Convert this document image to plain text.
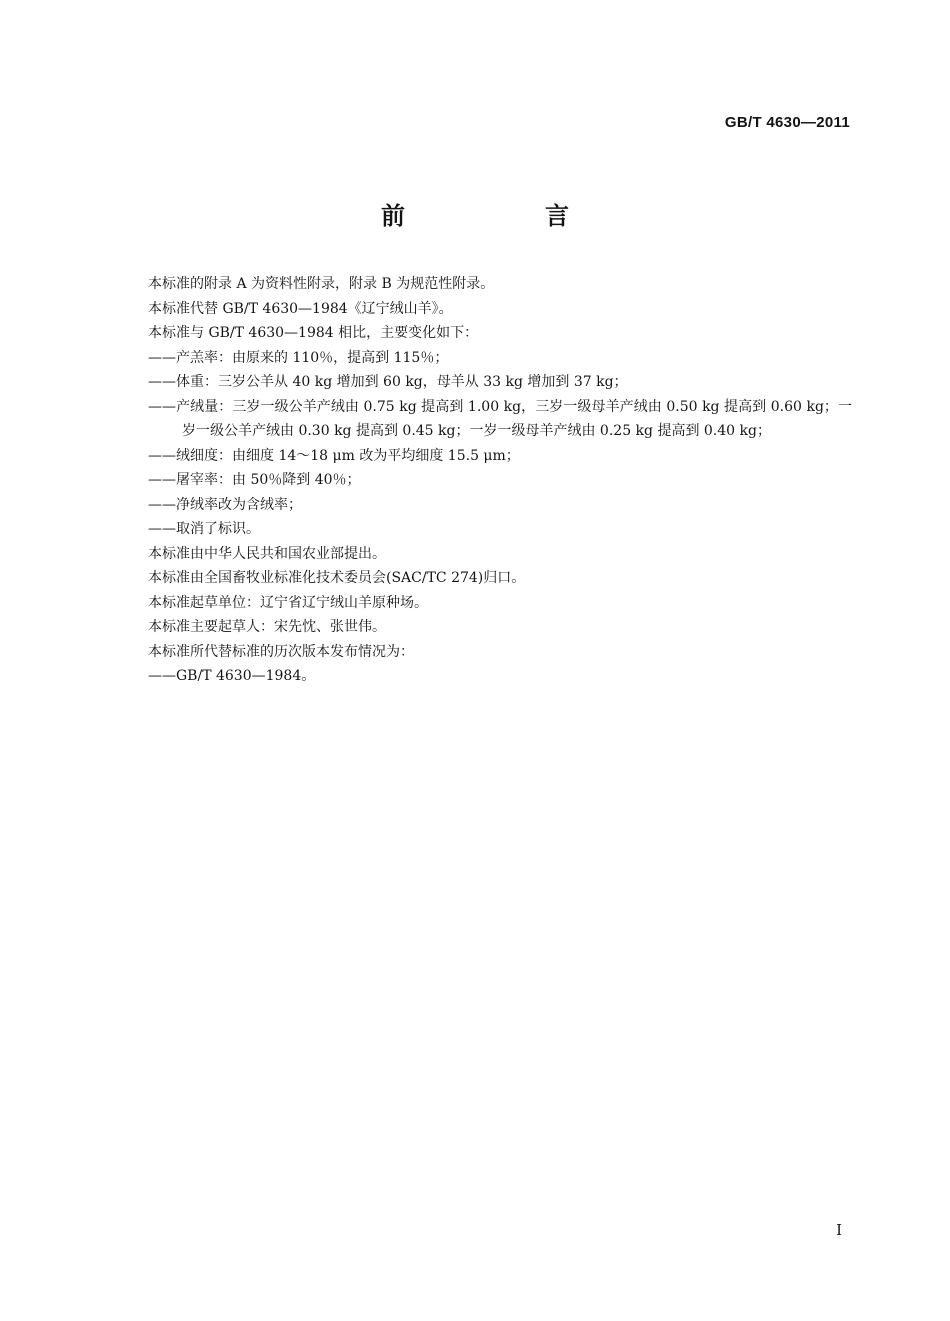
GB/T 4630—2011
前　言

本标准的附录 A 为资料性附录，附录 B 为规范性附录。

本标准代替 GB/T 4630—1984《辽宁绒山羊》。

本标准与 GB/T 4630—1984 相比，主要变化如下：

——产羔率：由原来的 110％，提高到 115％；

——体重：三岁公羊从 40 kg 增加到 60 kg，母羊从 33 kg 增加到 37 kg；

——产绒量：三岁一级公羊产绒由 0.75 kg 提高到 1.00 kg，三岁一级母羊产绒由 0.50 kg 提高到 0.60 kg；一岁一级公羊产绒由 0.30 kg 提高到 0.45 kg；一岁一级母羊产绒由 0.25 kg 提高到 0.40 kg；

——绒细度：由细度 14～18 μm 改为平均细度 15.5 μm；

——屠宰率：由 50％降到 40％；

——净绒率改为含绒率；

——取消了标识。

本标准由中华人民共和国农业部提出。

本标准由全国畜牧业标准化技术委员会(SAC/TC 274)归口。

本标准起草单位：辽宁省辽宁绒山羊原种场。

本标准主要起草人：宋先忱、张世伟。

本标准所代替标准的历次版本发布情况为：

——GB/T 4630—1984。

I
